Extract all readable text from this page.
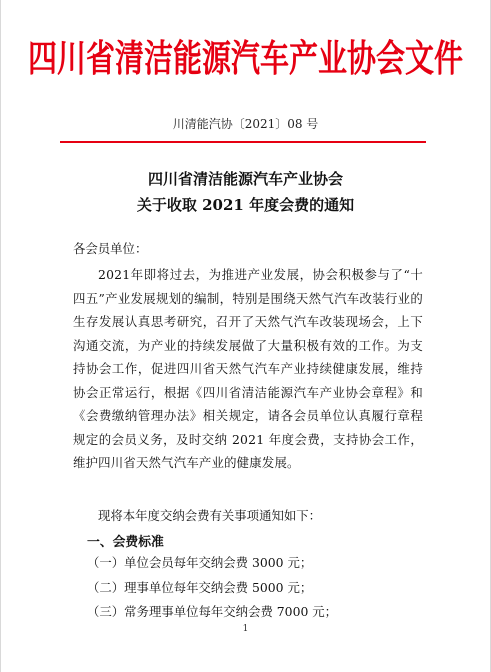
四川省清洁能源汽车产业协会文件
川清能汽协〔2021〕08 号
四川省清洁能源汽车产业协会
关于收取 2021 年度会费的通知
各会员单位：
2021年即将过去，为推进产业发展，协会积极参与了“十四五”产业发展规划的编制，特别是围绕天然气汽车改装行业的生存发展认真思考研究，召开了天然气汽车改装现场会，上下沟通交流，为产业的持续发展做了大量积极有效的工作。为支持协会工作，促进四川省天然气汽车产业持续健康发展，维持协会正常运行，根据《四川省清洁能源汽车产业协会章程》和《会费缴纳管理办法》相关规定，请各会员单位认真履行章程规定的会员义务，及时交纳 2021 年度会费，支持协会工作，维护四川省天然气汽车产业的健康发展。
现将本年度交纳会费有关事项通知如下：
一、会费标准
（一）单位会员每年交纳会费 3000 元；
（二）理事单位每年交纳会费 5000 元；
（三）常务理事单位每年交纳会费 7000 元；
1
